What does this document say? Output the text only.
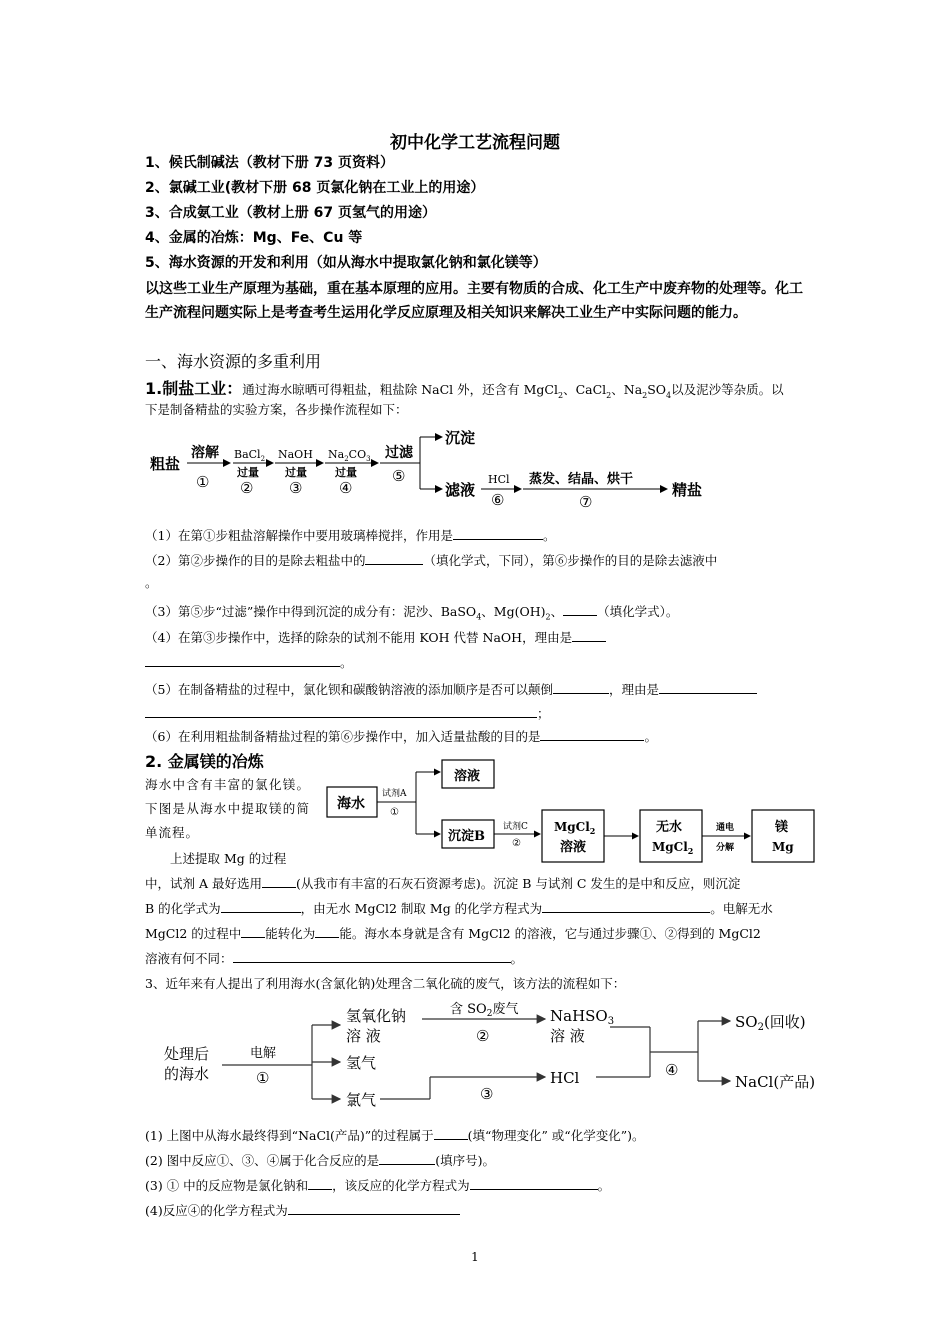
初中化学工艺流程问题
1、候氏制碱法（教材下册 73 页资料）
2、氯碱工业(教材下册 68 页氯化钠在工业上的用途）
3、合成氨工业（教材上册 67 页氢气的用途）
4、金属的冶炼：Mg、Fe、Cu 等
5、海水资源的开发和利用（如从海水中提取氯化钠和氯化镁等）
以这些工业生产原理为基础，重在基本原理的应用。主要有物质的合成、化工生产中废弃物的处理等。化工生产流程问题实际上是考查考生运用化学反应原理及相关知识来解决工业生产中实际问题的能力。
一、海水资源的多重利用
1.制盐工业：通过海水晾晒可得粗盐，粗盐除 NaCl 外，还含有 MgCl$_2$、CaCl$_2$、$Na_2SO_4$以及泥沙等杂质。以
下是制备精盐的实验方案，各步操作流程如下：
粗盐
溶解
①
BaCl$_2$
过量
②
NaOH
过量
③
$Na_2CO_3$
过量
④
过滤
⑤
沉淀
滤液
HCl
⑥
蒸发、结晶、烘干
⑦
精盐
（1）在第①步粗盐溶解操作中要用玻璃棒搅拌，作用是	。
（2）第②步操作的目的是除去粗盐中的	（填化学式，下同），第⑥步操作的目的是除去滤液中
。
（3）第⑤步“过滤”操作中得到沉淀的成分有：泥沙、BaSO$_4$、$Mg(OH)_2$、	（填化学式）。
（4）在第③步操作中，选择的除杂的试剂不能用 KOH 代替 NaOH，理由是
。
（5）在制备精盐的过程中，氯化钡和碳酸钠溶液的添加顺序是否可以颠倒	，理由是
；
（6）在利用粗盐制备精盐过程的第⑥步操作中，加入适量盐酸的目的是	。
2. 金属镁的冶炼
海水中含有丰富的氯化镁。下图是从海水中提取镁的简单流程。
上述提取 Mg 的过程
海水
试剂A
①
溶液
沉淀B
试剂C
②
MgCl$_2$
溶液
无水
MgCl$_2$
通电
分解
镁
Mg
中，试剂 A 最好选用	(从我市有丰富的石灰石资源考虑)。沉淀 B 与试剂 C 发生的是中和反应，则沉淀
B 的化学式为	，由无水 MgCl2 制取 Mg 的化学方程式为	。电解无水
MgCl2 的过程中 能转化为 能。海水本身就是含有 MgCl2 的溶液，它与通过步骤①、②得到的 MgCl2
溶液有何不同：	。
3、近年来有人提出了利用海水(含氯化钠)处理含二氧化硫的废气，该方法的流程如下：
处理后
的海水
电解
①
氢氧化钠
溶 液
氢气
氯气
含 $SO_2$废气
②
NaHSO$_3$
溶 液
③
HCl	④
$SO_2$(回收)
NaCl(产品)
(1) 上图中从海水最终得到“NaCl(产品)”的过程属于	(填“物理变化” 或“化学变化”)。
(2) 图中反应①、③、④属于化合反应的是	(填序号)。
(3) ① 中的反应物是氯化钠和 ，该反应的化学方程式为	。
(4)反应④的化学方程式为
1
